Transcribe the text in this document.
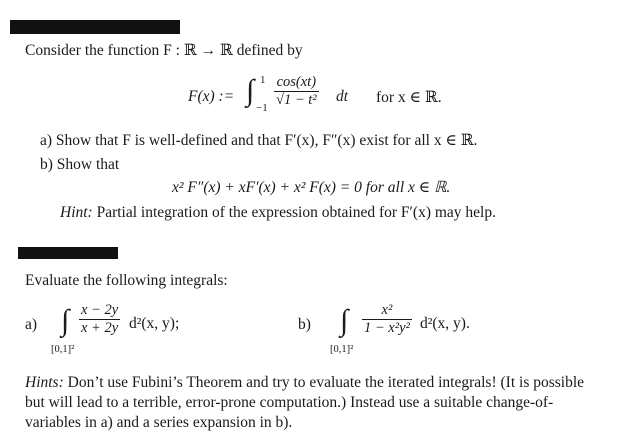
Consider the function F : ℝ → ℝ defined by
F(x) := ∫ 1
$-1 \frac{\cos(xt)}{\text{√1 − t²}}$ dt for x ∈ ℝ.
a) Show that F is well-defined and that F′(x), F″(x) exist for all x ∈ ℝ.
b) Show that
x² F″(x) + xF′(x) + x² F(x) = 0 for all x ∈ ℝ.
Hint: Partial integration of the expression obtained for F′(x) may help.
Evaluate the following integrals:
a) ∫ $\frac{x - 2y}{x + 2y} d^2(x$, y);
[0,1]²
b) ∫ $\frac{\text{x²}}{\text{1 − x²y²}} d^2(x$, y).
[0,1]²
Hints: Don’t use Fubini’s Theorem and try to evaluate the iterated integrals! (It is possible but will lead to a terrible, error-prone computation.) Instead use a suitable change-of-variables in a) and a series expansion in b).
